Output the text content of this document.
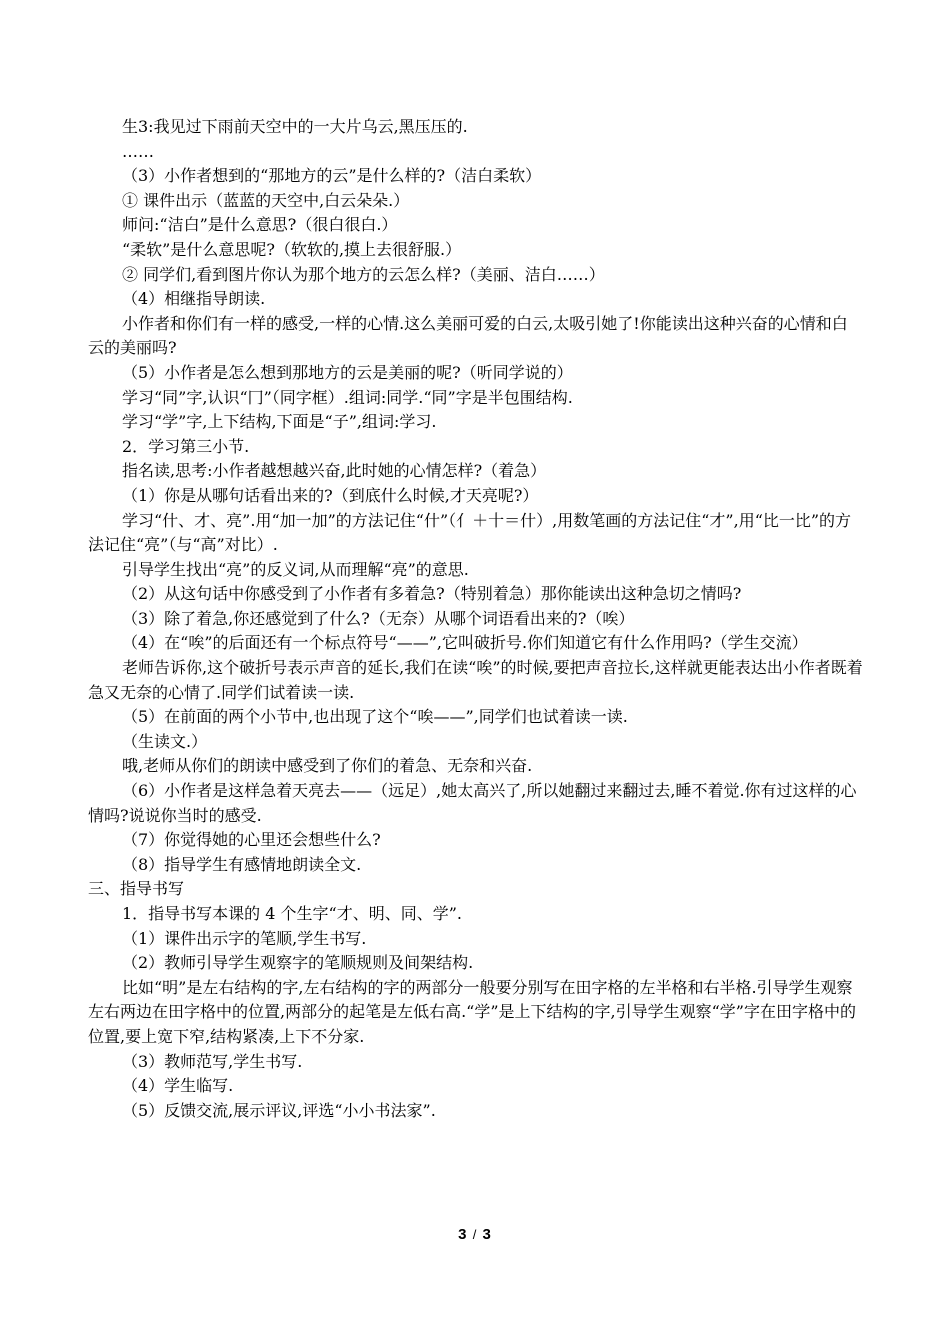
生3:我见过下雨前天空中的一大片乌云,黑压压的.

……

（3）小作者想到的“那地方的云”是什么样的?（洁白柔软）

① 课件出示（蓝蓝的天空中,白云朵朵.）

师问:“洁白”是什么意思?（很白很白.）

“柔软”是什么意思呢?（软软的,摸上去很舒服.）

② 同学们,看到图片你认为那个地方的云怎么样?（美丽、洁白……）

（4）相继指导朗读.

小作者和你们有一样的感受,一样的心情.这么美丽可爱的白云,太吸引她了!你能读出这种兴奋的心情和白云的美丽吗?

（5）小作者是怎么想到那地方的云是美丽的呢?（听同学说的）

学习“同”字,认识“冂”（同字框）.组词:同学.“同”字是半包围结构.

学习“学”字,上下结构,下面是“子”,组词:学习.

2．学习第三小节.

指名读,思考:小作者越想越兴奋,此时她的心情怎样?（着急）

（1）你是从哪句话看出来的?（到底什么时候,才天亮呢?）

学习“什、才、亮”.用“加一加”的方法记住“什”（亻＋十＝什）,用数笔画的方法记住“才”,用“比一比”的方法记住“亮”（与“高”对比）.

引导学生找出“亮”的反义词,从而理解“亮”的意思.

（2）从这句话中你感受到了小作者有多着急?（特别着急）那你能读出这种急切之情吗?

（3）除了着急,你还感觉到了什么?（无奈）从哪个词语看出来的?（唉）

（4）在“唉”的后面还有一个标点符号“——”,它叫破折号.你们知道它有什么作用吗?（学生交流）

老师告诉你,这个破折号表示声音的延长,我们在读“唉”的时候,要把声音拉长,这样就更能表达出小作者既着急又无奈的心情了.同学们试着读一读.

（5）在前面的两个小节中,也出现了这个“唉——”,同学们也试着读一读.

（生读文.）

哦,老师从你们的朗读中感受到了你们的着急、无奈和兴奋.

（6）小作者是这样急着天亮去——（远足）,她太高兴了,所以她翻过来翻过去,睡不着觉.你有过这样的心情吗?说说你当时的感受.

（7）你觉得她的心里还会想些什么?

（8）指导学生有感情地朗读全文.

三、指导书写

1．指导书写本课的 4 个生字“才、明、同、学”.

（1）课件出示字的笔顺,学生书写.

（2）教师引导学生观察字的笔顺规则及间架结构.

比如“明”是左右结构的字,左右结构的字的两部分一般要分别写在田字格的左半格和右半格.引导学生观察左右两边在田字格中的位置,两部分的起笔是左低右高.“学”是上下结构的字,引导学生观察“学”字在田字格中的位置,要上宽下窄,结构紧凑,上下不分家.

（3）教师范写,学生书写.

（4）学生临写.

（5）反馈交流,展示评议,评选“小小书法家”.

3 / 3
